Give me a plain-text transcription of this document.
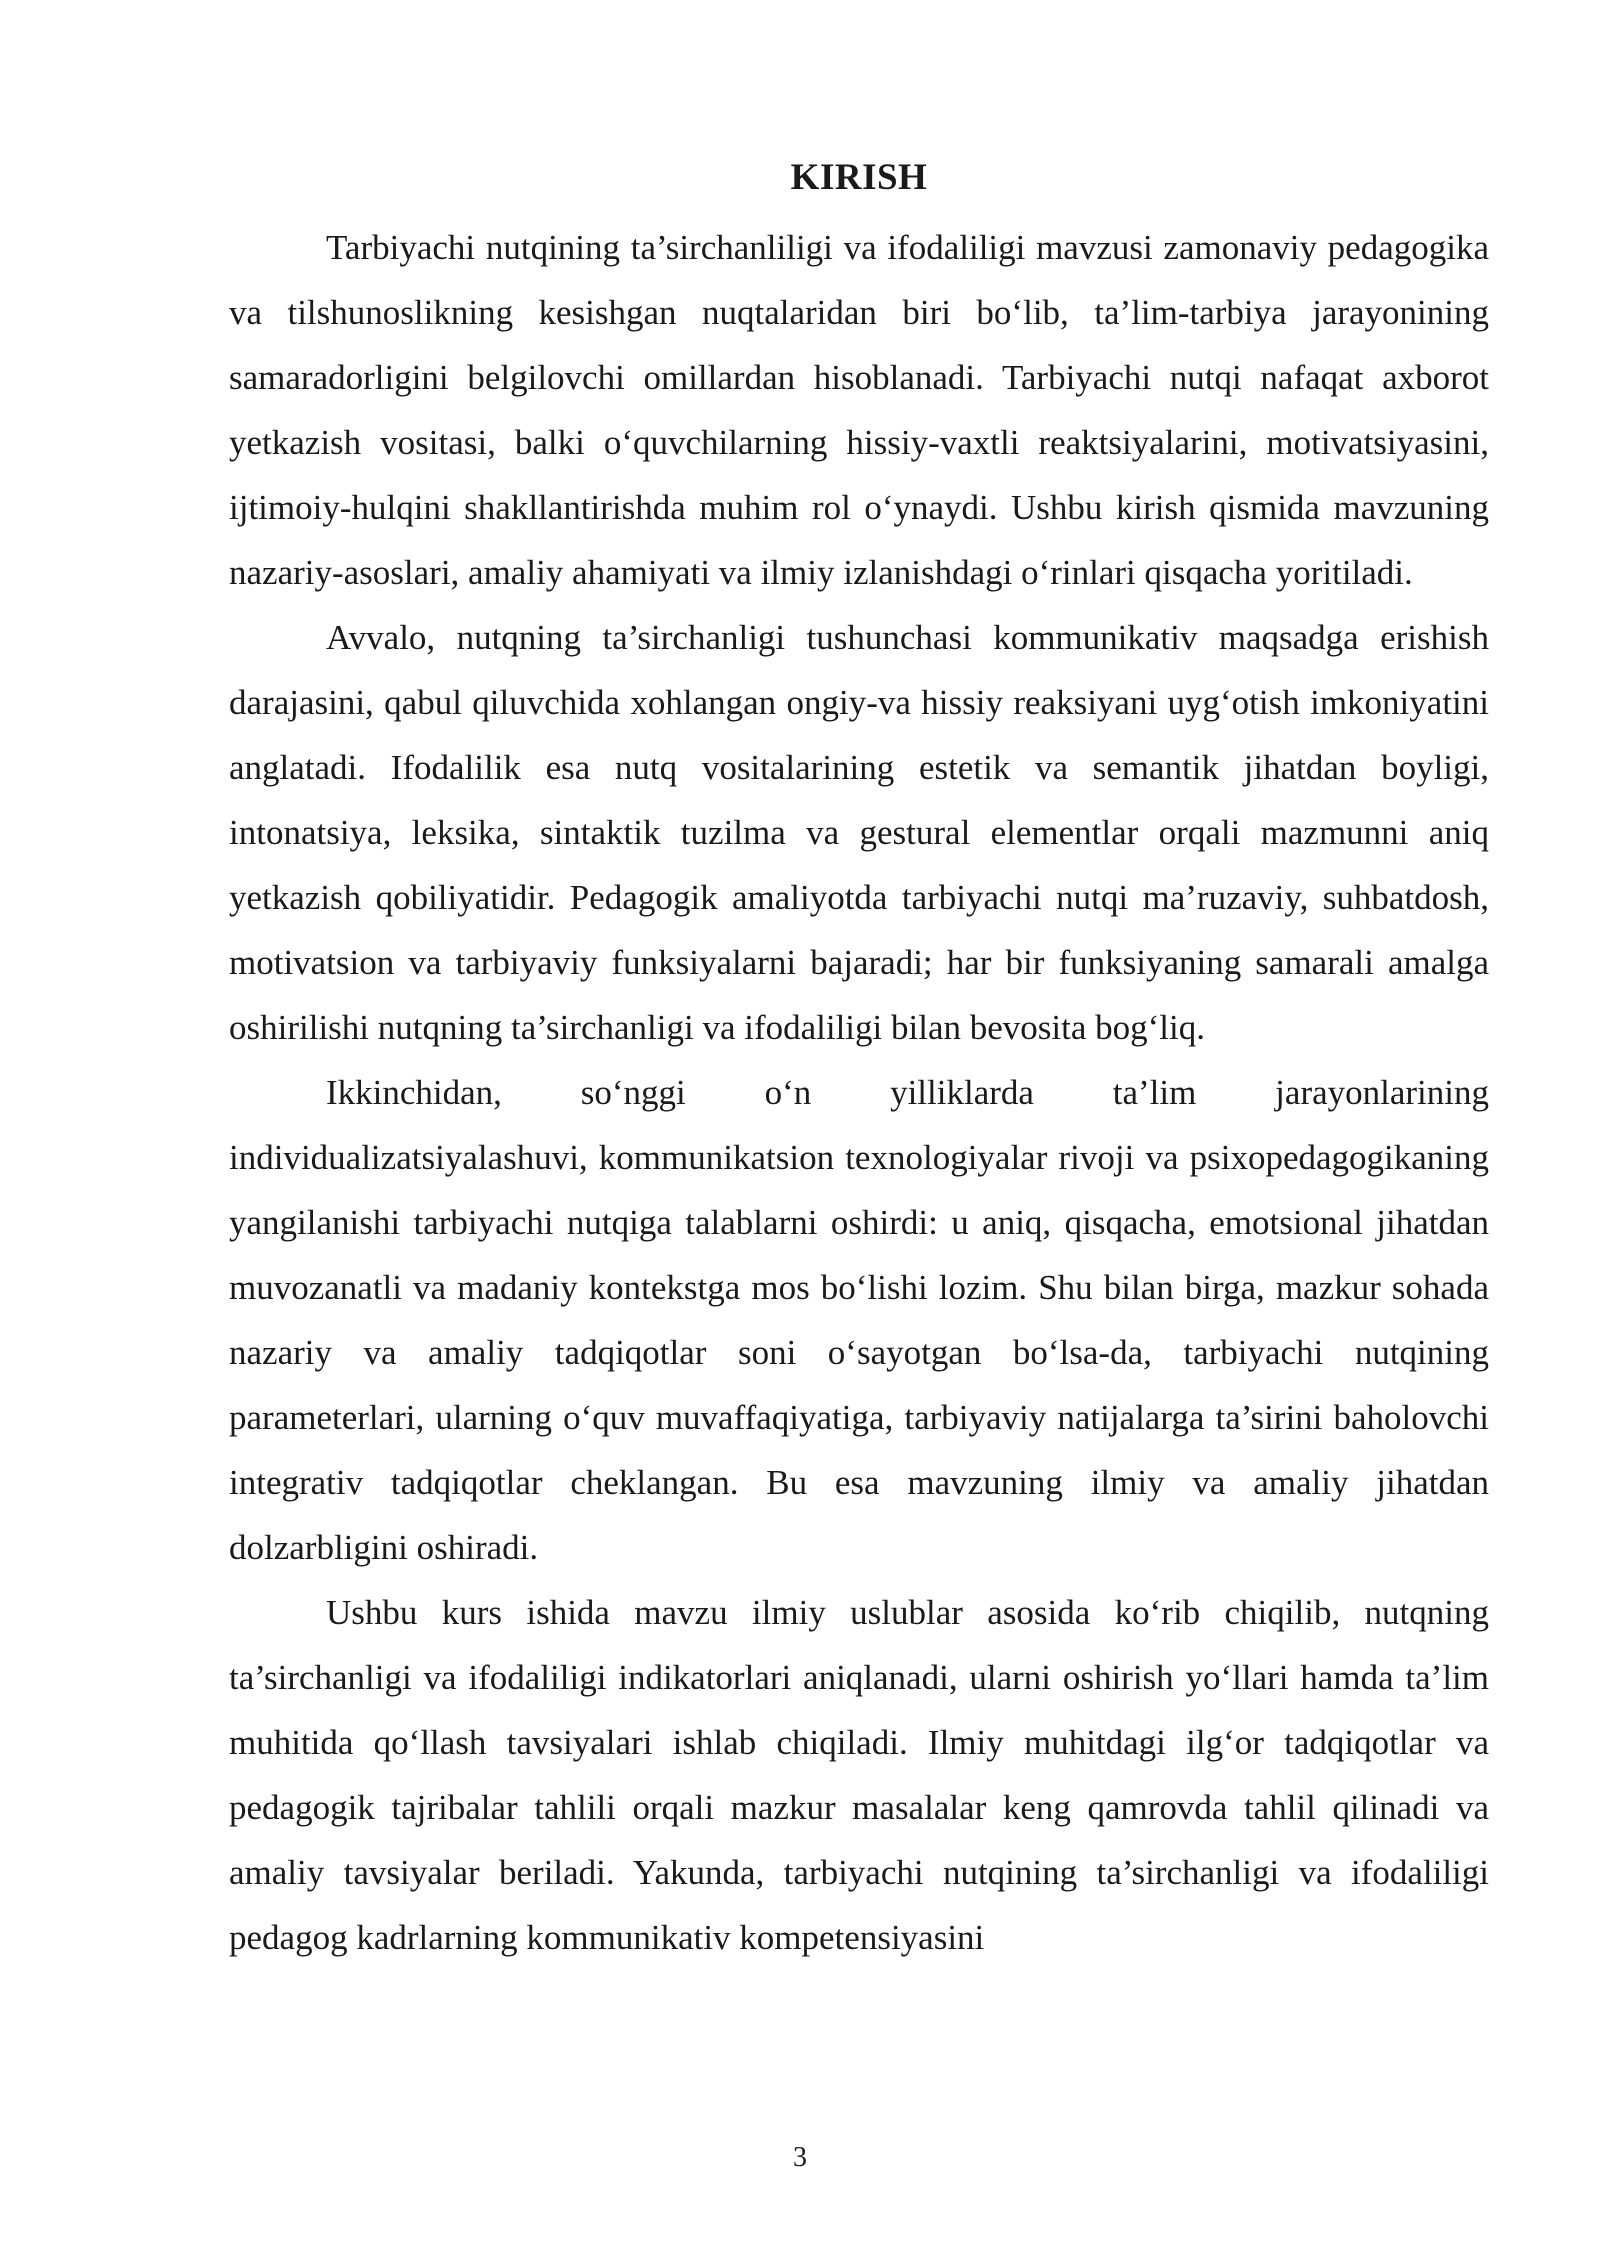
KIRISH

Tarbiyachi nutqining ta’sirchanliligi va ifodaliligi mavzusi zamonaviy pedagogika va tilshunoslikning kesishgan nuqtalaridan biri bo‘lib, ta’lim-tarbiya jarayonining samaradorligini belgilovchi omillardan hisoblanadi. Tarbiyachi nutqi nafaqat axborot yetkazish vositasi, balki o‘quvchilarning hissiy-vaxtli reaktsiyalarini, motivatsiyasini, ijtimoiy-hulqini shakllantirishda muhim rol o‘ynaydi. Ushbu kirish qismida mavzuning nazariy-asoslari, amaliy ahamiyati va ilmiy izlanishdagi o‘rinlari qisqacha yoritiladi.

Avvalo, nutqning ta’sirchanligi tushunchasi kommunikativ maqsadga erishish darajasini, qabul qiluvchida xohlangan ongiy-va hissiy reaksiyani uyg‘otish imkoniyatini anglatadi. Ifodalilik esa nutq vositalarining estetik va semantik jihatdan boyligi, intonatsiya, leksika, sintaktik tuzilma va gestural elementlar orqali mazmunni aniq yetkazish qobiliyatidir. Pedagogik amaliyotda tarbiyachi nutqi ma’ruzaviy, suhbatdosh, motivatsion va tarbiyaviy funksiyalarni bajaradi; har bir funksiyaning samarali amalga oshirilishi nutqning ta’sirchanligi va ifodaliligi bilan bevosita bog‘liq.

Ikkinchidan, so‘nggi o‘n yilliklarda ta’lim jarayonlarining individualizatsiyalashuvi, kommunikatsion texnologiyalar rivoji va psixopedagogikaning yangilanishi tarbiyachi nutqiga talablarni oshirdi: u aniq, qisqacha, emotsional jihatdan muvozanatli va madaniy kontekstga mos bo‘lishi lozim. Shu bilan birga, mazkur sohada nazariy va amaliy tadqiqotlar soni o‘sayotgan bo‘lsa-da, tarbiyachi nutqining parameterlari, ularning o‘quv muvaffaqiyatiga, tarbiyaviy natijalarga ta’sirini baholovchi integrativ tadqiqotlar cheklangan. Bu esa mavzuning ilmiy va amaliy jihatdan dolzarbligini oshiradi.

Ushbu kurs ishida mavzu ilmiy uslublar asosida ko‘rib chiqilib, nutqning ta’sirchanligi va ifodaliligi indikatorlari aniqlanadi, ularni oshirish yo‘llari hamda ta’lim muhitida qo‘llash tavsiyalari ishlab chiqiladi. Ilmiy muhitdagi ilg‘or tadqiqotlar va pedagogik tajribalar tahlili orqali mazkur masalalar keng qamrovda tahlil qilinadi va amaliy tavsiyalar beriladi. Yakunda, tarbiyachi nutqining ta’sirchanligi va ifodaliligi pedagog kadrlarning kommunikativ kompetensiyasini

3
